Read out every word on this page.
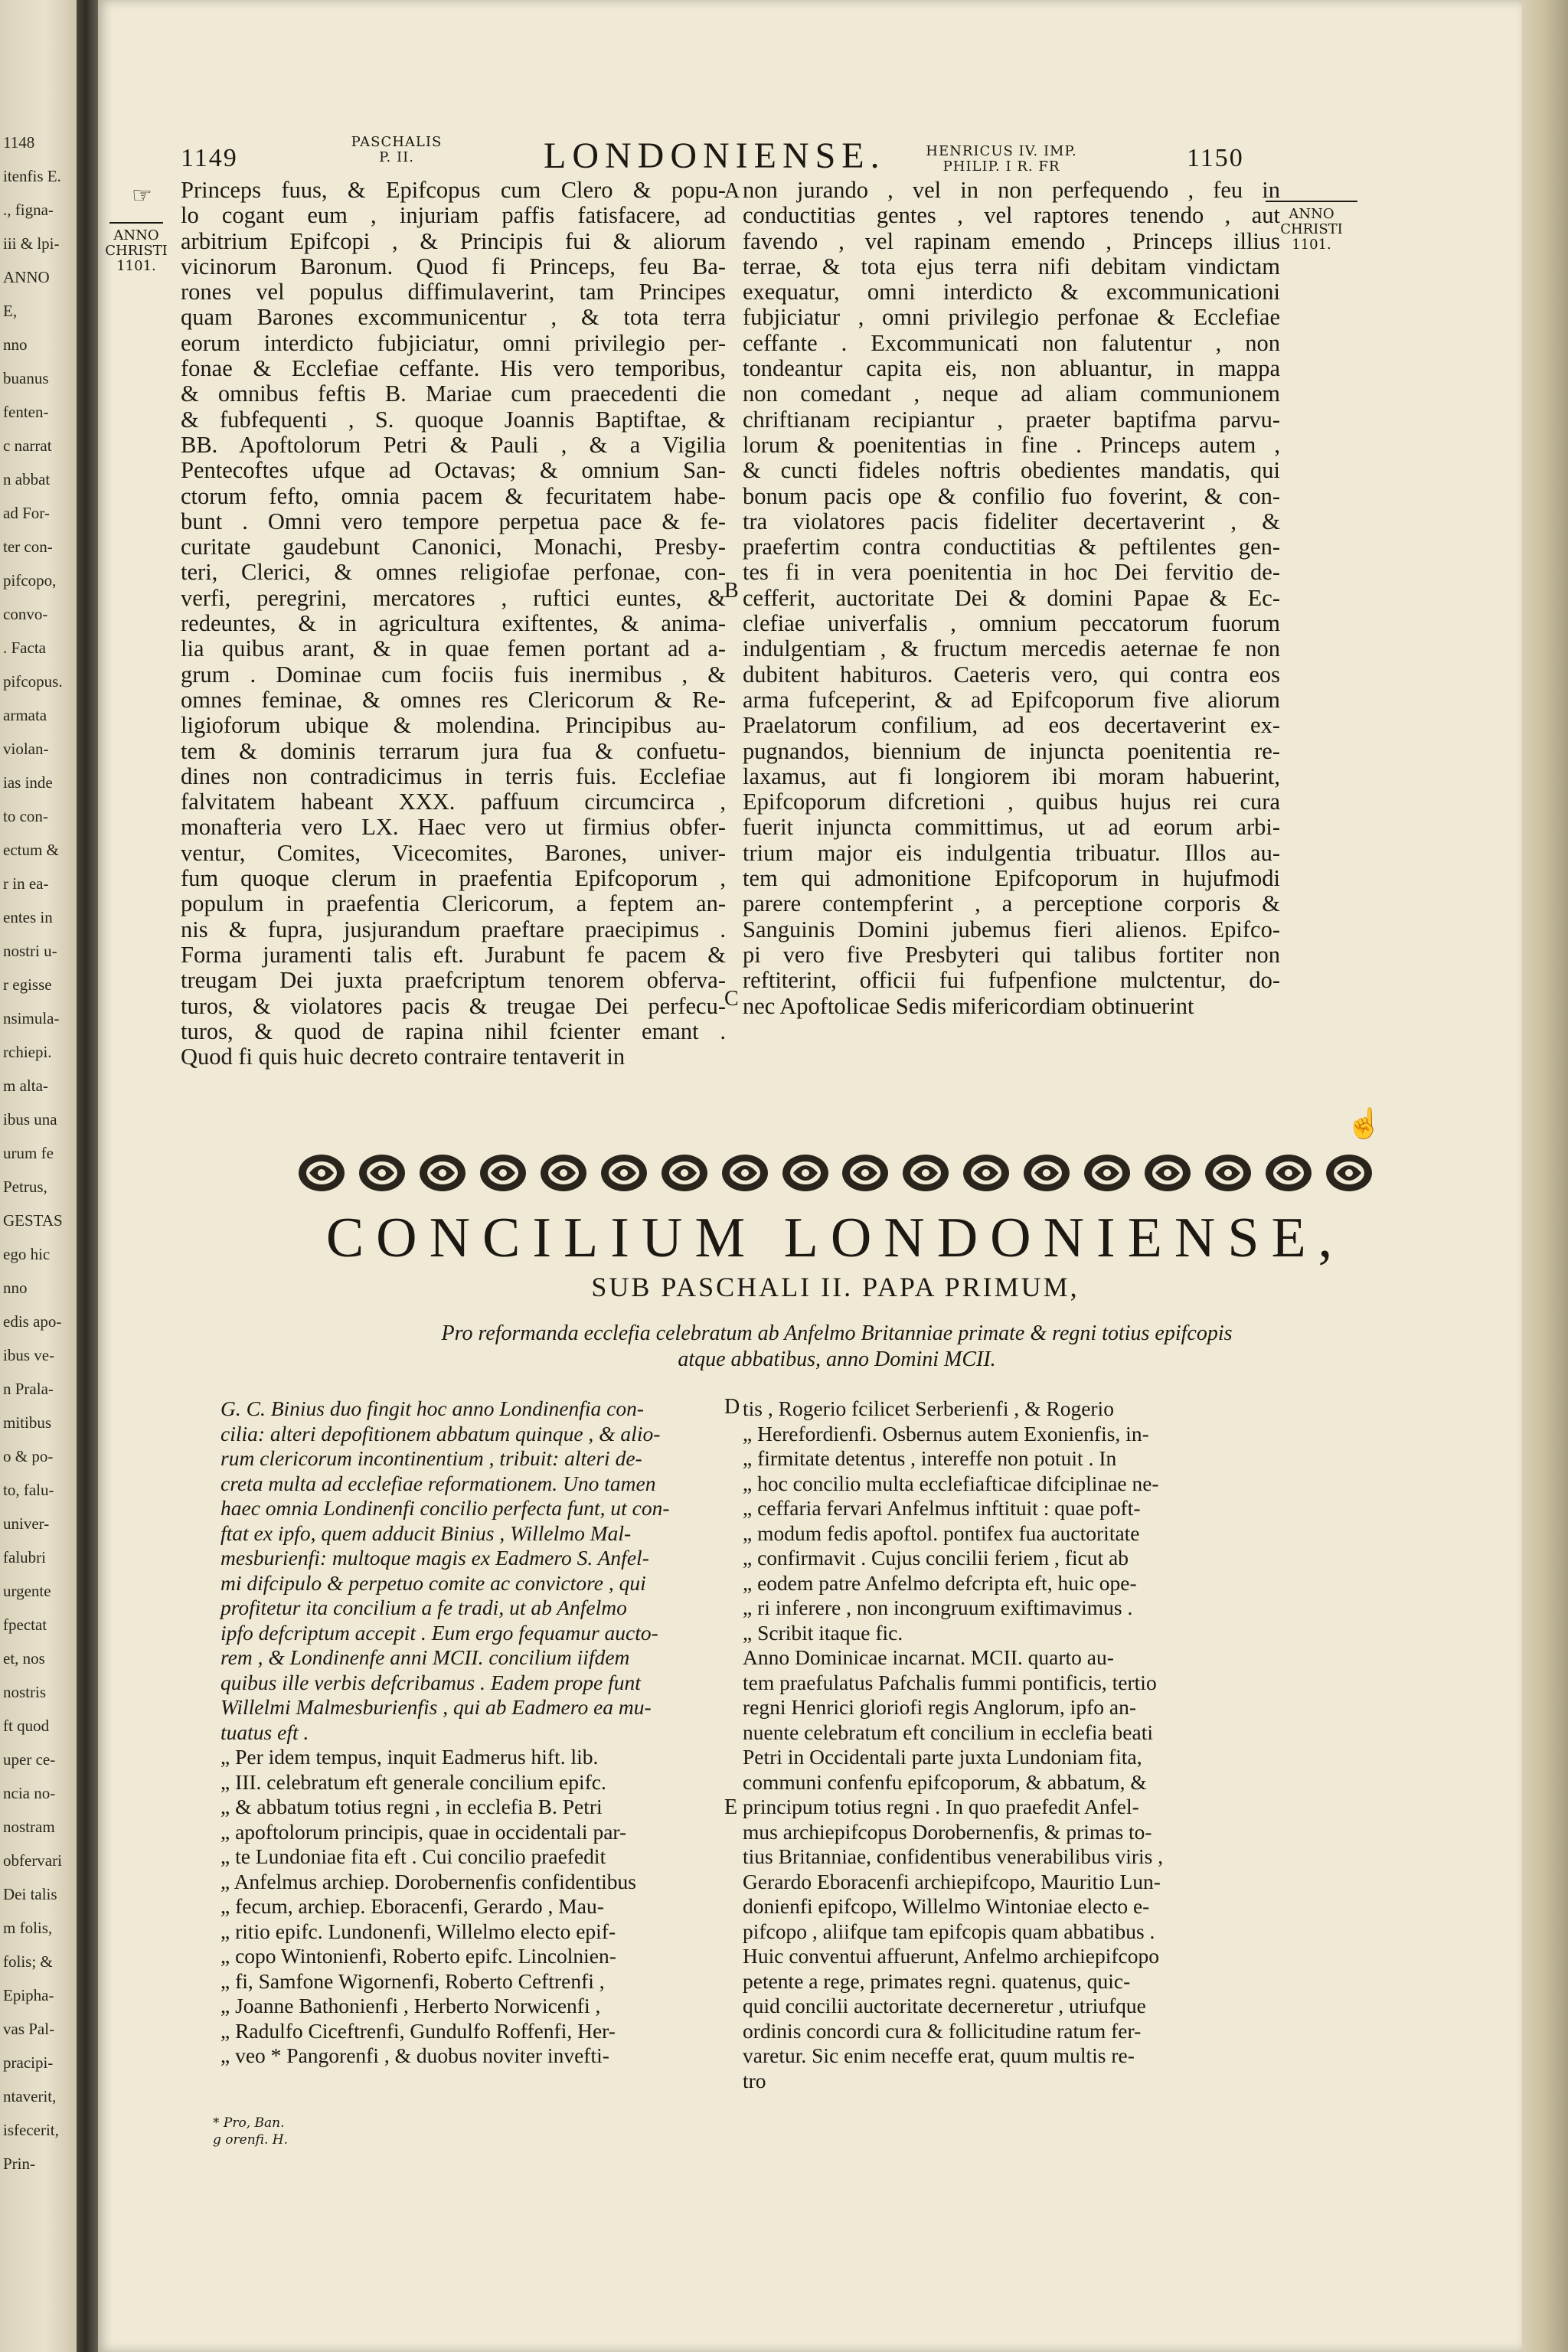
1148
itenfis E.
., figna-
iii & lpi-
ANNO
E,
nno
buanus
fenten-
c narrat
n abbat
ad For-
ter con-
pifcopo,
convo-
. Facta
pifcopus.
armata
violan-
ias inde
to con-
ectum &
r in ea-
entes in
nostri u-
r egisse
nsimula-
rchiepi.
m alta-
ibus una
urum fe
Petrus,
GESTAS
ego hic
nno
edis apo-
ibus ve-
n Prala-
mitibus
o & po-
to, falu-
univer-
falubri
urgente
fpectat
et, nos
nostris
ft quod
uper ce-
ncia no-
nostram
obfervari
Dei talis
m folis,
folis; &
Epipha-
vas Pal-
pracipi-
ntaverit,
isfecerit,
Prin-
1149
PASCHALIS
P. II.	LONDONIENSE.	HENRICUS IV. IMP.
PHILIP. I R. FR	1150
ANNO
CHRISTI
1101.
ANNO
CHRISTI
1101.
☞ Princeps fuus, & Epifcopus cum Clero & popu-
lo cogant eum , injuriam paffis fatisfacere, ad
arbitrium Epifcopi , & Principis fui & aliorum
vicinorum Baronum. Quod fi Princeps, feu Ba-
rones vel populus diffimulaverint, tam Principes
quam Barones excommunicentur , & tota terra
eorum interdicto fubjiciatur, omni privilegio per-
fonae & Ecclefiae ceffante. His vero temporibus,
& omnibus feftis B. Mariae cum praecedenti die
& fubfequenti , S. quoque Joannis Baptiftae, &
BB. Apoftolorum Petri & Pauli , & a Vigilia
Pentecoftes ufque ad Octavas; & omnium San-
ctorum fefto, omnia pacem & fecuritatem habe-
bunt . Omni vero tempore perpetua pace & fe-
curitate gaudebunt Canonici, Monachi, Presby-
teri, Clerici, & omnes religiofae perfonae, con-
verfi, peregrini, mercatores , ruftici euntes, &
redeuntes, & in agricultura exiftentes, & anima-
lia quibus arant, & in quae femen portant ad a-
grum . Dominae cum fociis fuis inermibus , &
omnes feminae, & omnes res Clericorum & Re-
ligioforum ubique & molendina. Principibus au-
tem & dominis terrarum jura fua & confuetu-
dines non contradicimus in terris fuis. Ecclefiae
falvitatem habeant XXX. paffuum circumcirca ,
monafteria vero LX. Haec vero ut firmius obfer-
ventur, Comites, Vicecomites, Barones, univer-
fum quoque clerum in praefentia Epifcoporum ,
populum in praefentia Clericorum, a feptem an-
nis & fupra, jusjurandum praeftare praecipimus .
Forma juramenti talis eft. Jurabunt fe pacem &
treugam Dei juxta praefcriptum tenorem obferva-
turos, & violatores pacis & treugae Dei perfecu-
turos, & quod de rapina nihil fcienter emant .
Quod fi quis huic decreto contraire tentaverit in
non jurando , vel in non perfequendo , feu in
conductitias gentes , vel raptores tenendo , aut
favendo , vel rapinam emendo , Princeps illius
terrae, & tota ejus terra nifi debitam vindictam
exequatur, omni interdicto & excommunicationi
fubjiciatur , omni privilegio perfonae & Ecclefiae
ceffante . Excommunicati non falutentur , non
tondeantur capita eis, non abluantur, in mappa
non comedant , neque ad aliam communionem
chriftianam recipiantur , praeter baptifma parvu-
lorum & poenitentias in fine . Princeps autem ,
& cuncti fideles noftris obedientes mandatis, qui
bonum pacis ope & confilio fuo foverint, & con-
tra violatores pacis fideliter decertaverint , &
praefertim contra conductitias & peftilentes gen-
tes fi in vera poenitentia in hoc Dei fervitio de-
cefferit, auctoritate Dei & domini Papae & Ec-
clefiae univerfalis , omnium peccatorum fuorum
indulgentiam , & fructum mercedis aeternae fe non
dubitent habituros. Caeteris vero, qui contra eos
arma fufceperint, & ad Epifcoporum five aliorum
Praelatorum confilium, ad eos decertaverint ex-
pugnandos, biennium de injuncta poenitentia re-
laxamus, aut fi longiorem ibi moram habuerint,
Epifcoporum difcretioni , quibus hujus rei cura
fuerit injuncta committimus, ut ad eorum arbi-
trium major eis indulgentia tribuatur. Illos au-
tem qui admonitione Epifcoporum in hujufmodi
parere contempferint , a perceptione corporis &
Sanguinis Domini jubemus fieri alienos. Epifco-
pi vero five Presbyteri qui talibus fortiter non
reftiterint, officii fui fufpenfione mulctentur, do-
nec Apoftolicae Sedis mifericordiam obtinuerint
A
B
C
D
E
☝
CONCILIUM LONDONIENSE,
SUB PASCHALI II. PAPA PRIMUM,
Pro reformanda ecclefia celebratum ab Anfelmo Britanniae primate & regni totius epifcopis
atque abbatibus, anno Domini MCII.
G. C. Binius duo fingit hoc anno Londinenfia con-
cilia: alteri depofitionem abbatum quinque , & alio-
rum clericorum incontinentium , tribuit: alteri de-
creta multa ad ecclefiae reformationem. Uno tamen
haec omnia Londinenfi concilio perfecta funt, ut con-
ftat ex ipfo, quem adducit Binius , Willelmo Mal-
mesburienfi: multoque magis ex Eadmero S. Anfel-
mi difcipulo & perpetuo comite ac convictore , qui
profitetur ita concilium a fe tradi, ut ab Anfelmo
ipfo defcriptum accepit . Eum ergo fequamur aucto-
rem , & Londinenfe anni MCII. concilium iifdem
quibus ille verbis defcribamus . Eadem prope funt
Willelmi Malmesburienfis , qui ab Eadmero ea mu-
tuatus eft .
„ Per idem tempus, inquit Eadmerus hift. lib.
„ III. celebratum eft generale concilium epifc.
„ & abbatum totius regni , in ecclefia B. Petri
„ apoftolorum principis, quae in occidentali par-
„ te Lundoniae fita eft . Cui concilio praefedit
„ Anfelmus archiep. Dorobernenfis confidentibus
„ fecum, archiep. Eboracenfi, Gerardo , Mau-
„ ritio epifc. Lundonenfi, Willelmo electo epif-
„ copo Wintonienfi, Roberto epifc. Lincolnien-
„ fi, Samfone Wigornenfi, Roberto Ceftrenfi ,
„ Joanne Bathonienfi , Herberto Norwicenfi ,
„ Radulfo Ciceftrenfi, Gundulfo Roffenfi, Her-
„ veo * Pangorenfi , & duobus noviter invefti-
tis , Rogerio fcilicet Serberienfi , & Rogerio
„ Herefordienfi. Osbernus autem Exonienfis, in-
„ firmitate detentus , intereffe non potuit . In
„ hoc concilio multa ecclefiafticae difciplinae ne-
„ ceffaria fervari Anfelmus inftituit : quae poft-
„ modum fedis apoftol. pontifex fua auctoritate
„ confirmavit . Cujus concilii feriem , ficut ab
„ eodem patre Anfelmo defcripta eft, huic ope-
„ ri inferere , non incongruum exiftimavimus .
„ Scribit itaque fic.
Anno Dominicae incarnat. MCII. quarto au-
tem praefulatus Pafchalis fummi pontificis, tertio
regni Henrici gloriofi regis Anglorum, ipfo an-
nuente celebratum eft concilium in ecclefia beati
Petri in Occidentali parte juxta Lundoniam fita,
communi confenfu epifcoporum, & abbatum, &
principum totius regni . In quo praefedit Anfel-
mus archiepifcopus Dorobernenfis, & primas to-
tius Britanniae, confidentibus venerabilibus viris ,
Gerardo Eboracenfi archiepifcopo, Mauritio Lun-
donienfi epifcopo, Willelmo Wintoniae electo e-
pifcopo , aliifque tam epifcopis quam abbatibus .
Huic conventui affuerunt, Anfelmo archiepifcopo
petente a rege, primates regni. quatenus, quic-
quid concilii auctoritate decerneretur , utriufque
ordinis concordi cura & follicitudine ratum fer-
varetur. Sic enim neceffe erat, quum multis re-
tro
* Pro, Ban.
g orenfi. H.
